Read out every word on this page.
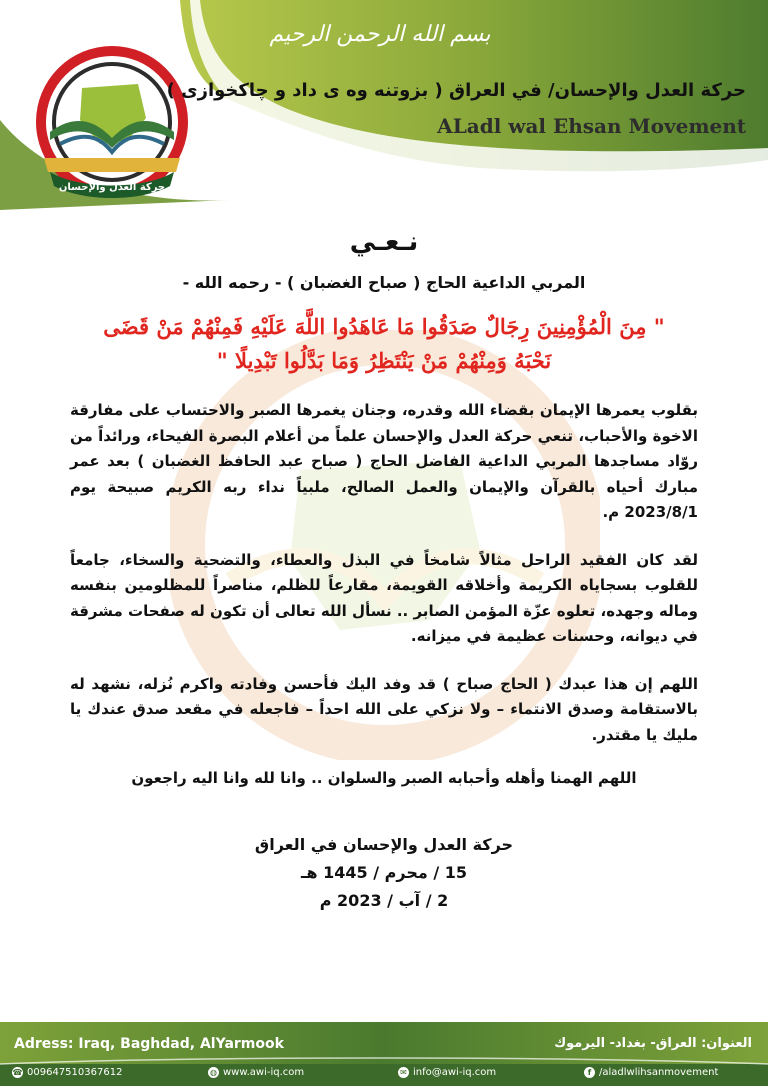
بسم الله الرحمن الرحيم
حركة العدل والإحسان
حركة العدل والإحسان/ في العراق ( بزوتنه وه ى داد و چاكخوازى )
ALadl wal Ehsan Movement
نـعـي
المربي الداعية الحاج ( صباح الغضبان ) - رحمه الله -
" مِنَ الْمُؤْمِنِينَ رِجَالٌ صَدَقُوا مَا عَاهَدُوا اللَّهَ عَلَيْهِ فَمِنْهُمْ مَنْ قَضَى
نَحْبَهُ وَمِنْهُمْ مَنْ يَنْتَظِرُ وَمَا بَدَّلُوا تَبْدِيلًا "

بقلوب يعمرها الإيمان بقضاء الله وقدره، وجنان يغمرها الصبر والاحتساب على مفارقة الاخوة والأحباب، تنعي حركة العدل والإحسان علماً من أعلام البصرة الفيحاء، ورائداً من روّاد مساجدها المربي الداعية الفاضل الحاج ( صباح عبد الحافظ الغضبان ) بعد عمر مبارك أحياه بالقرآن والإيمان والعمل الصالح، ملبياً نداء ربه الكريم صبيحة يوم 2023/8/1 م.

لقد كان الفقيد الراحل مثالاً شامخاً في البذل والعطاء، والتضحية والسخاء، جامعاً للقلوب بسجاياه الكريمة وأخلاقه القويمة، مقارعاً للظلم، مناصراً للمظلومين بنفسه وماله وجهده، تعلوه عزّة المؤمن الصابر .. نسأل الله تعالى أن تكون له صفحات مشرقة في ديوانه، وحسنات عظيمة في ميزانه.

اللهم إن هذا عبدك ( الحاج صباح ) قد وفد اليك فأحسن وفادته واكرم نُزله، نشهد له بالاستقامة وصدق الانتماء – ولا نزكي على الله احداً – فاجعله في مقعد صدق عندك يا مليك يا مقتدر.

اللهم الهمنا وأهله وأحبابه الصبر والسلوان .. وانا لله وانا اليه راجعون
حركة العدل والإحسان في العراق
15 / محرم / 1445 هـ
2 / آب / 2023 م
Adress: Iraq, Baghdad, AlYarmook	العنوان: العراق- بغداد- اليرموك
☎ 009647510367612	◍ www.awi-iq.com	✉ info@awi-iq.com	f /aladlwlihsanmovement
